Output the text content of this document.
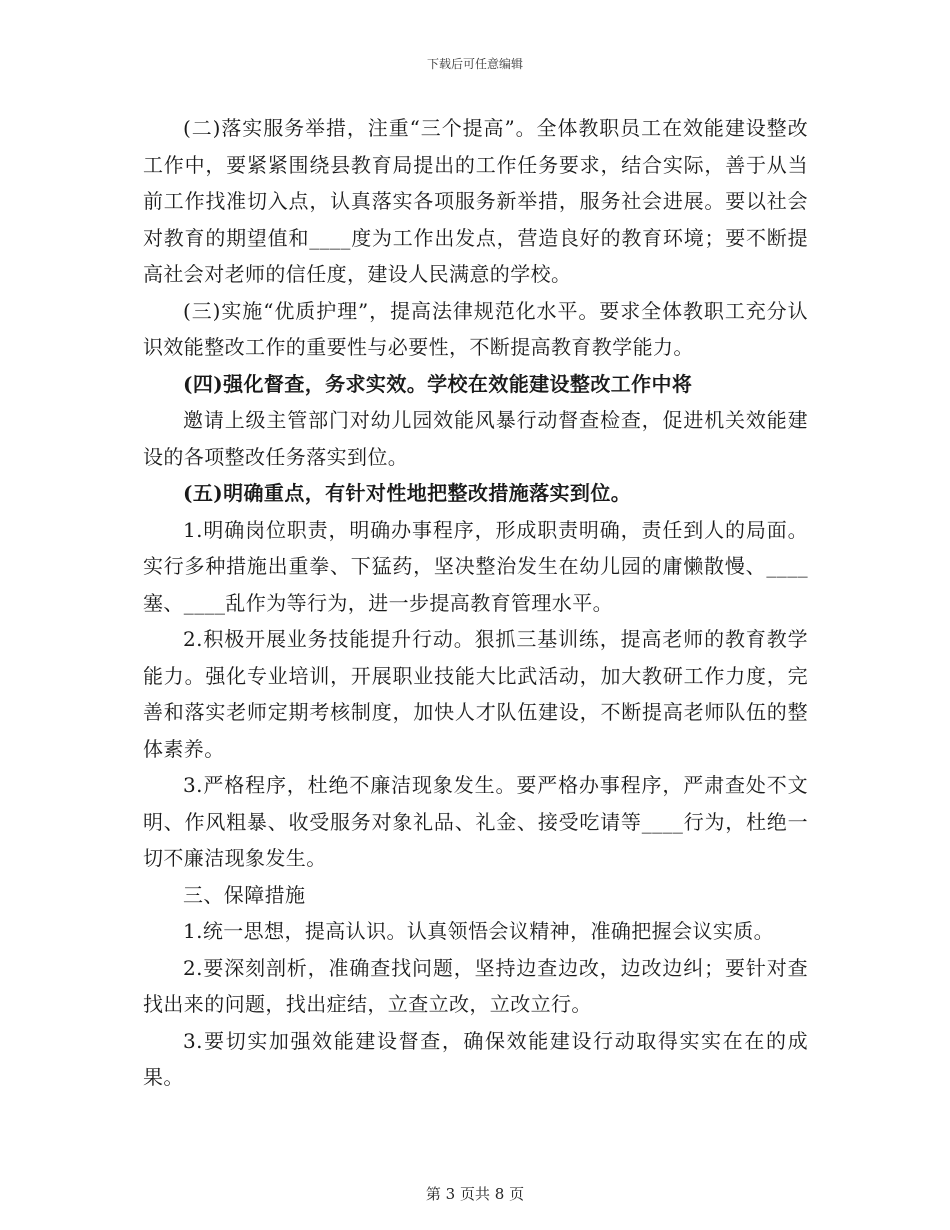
下载后可任意编辑

(二)落实服务举措，注重“三个提高”。全体教职员工在效能建设整改工作中，要紧紧围绕县教育局提出的工作任务要求，结合实际，善于从当前工作找准切入点，认真落实各项服务新举措，服务社会进展。要以社会对教育的期望值和____度为工作出发点，营造良好的教育环境；要不断提高社会对老师的信任度，建设人民满意的学校。

(三)实施“优质护理”，提高法律规范化水平。要求全体教职工充分认识效能整改工作的重要性与必要性，不断提高教育教学能力。

(四)强化督查，务求实效。学校在效能建设整改工作中将

邀请上级主管部门对幼儿园效能风暴行动督查检查，促进机关效能建设的各项整改任务落实到位。

(五)明确重点，有针对性地把整改措施落实到位。

1.明确岗位职责，明确办事程序，形成职责明确，责任到人的局面。实行多种措施出重拳、下猛药，坚决整治发生在幼儿园的庸懒散慢、____塞、____乱作为等行为，进一步提高教育管理水平。

2.积极开展业务技能提升行动。狠抓三基训练，提高老师的教育教学能力。强化专业培训，开展职业技能大比武活动，加大教研工作力度，完善和落实老师定期考核制度，加快人才队伍建设，不断提高老师队伍的整体素养。

3.严格程序，杜绝不廉洁现象发生。要严格办事程序，严肃查处不文明、作风粗暴、收受服务对象礼品、礼金、接受吃请等____行为，杜绝一切不廉洁现象发生。

三、保障措施

1.统一思想，提高认识。认真领悟会议精神，准确把握会议实质。

2.要深刻剖析，准确查找问题，坚持边查边改，边改边纠；要针对查找出来的问题，找出症结，立查立改，立改立行。

3.要切实加强效能建设督查，确保效能建设行动取得实实在在的成果。

第 3 页共 8 页
